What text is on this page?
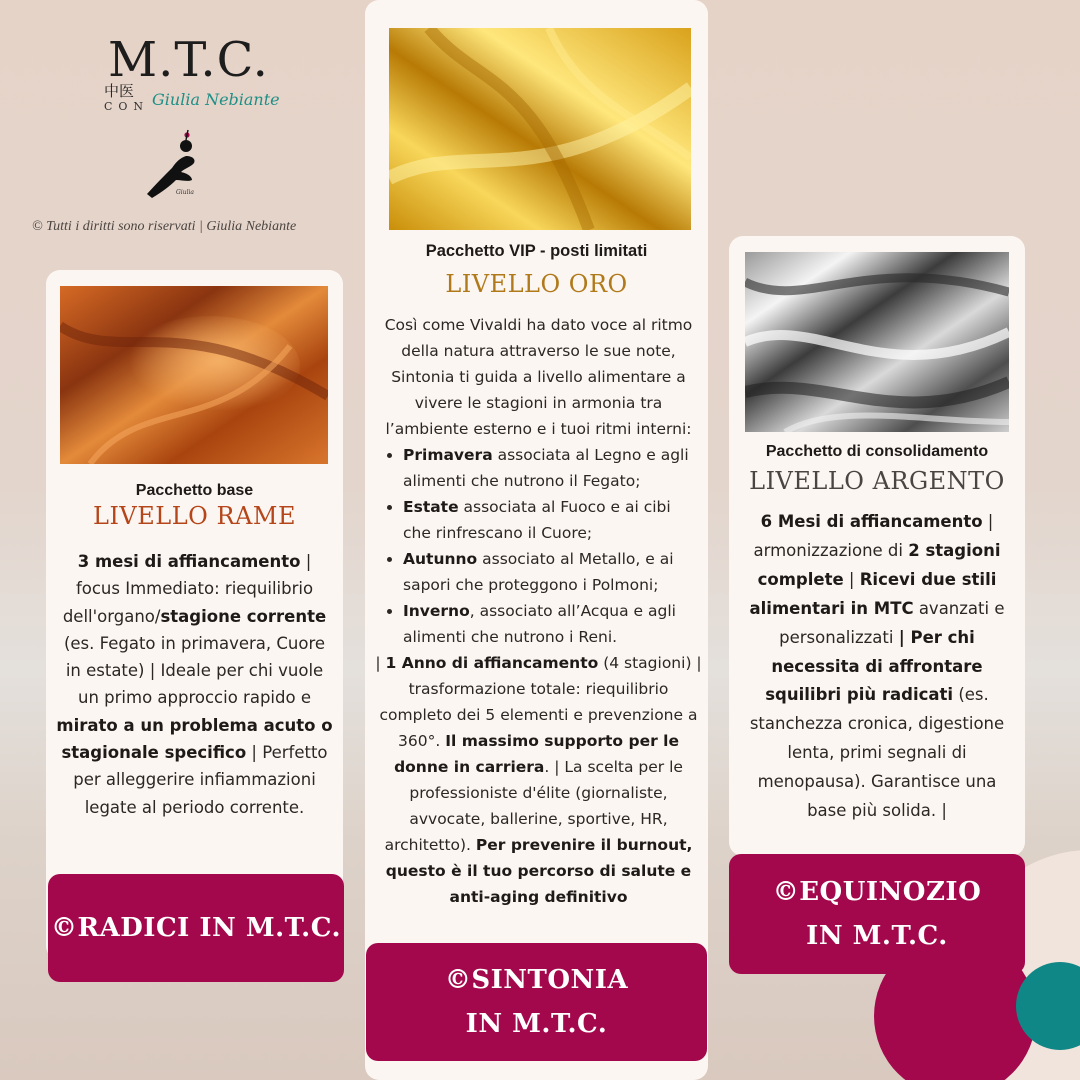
M.T.C.
中医
CON Giulia Nebiante
Giulia
© Tutti i diritti sono riservati | Giulia Nebiante
Pacchetto base
LIVELLO RAME
3 mesi di affiancamento | focus Immediato: riequilibrio dell'organo/stagione corrente (es. Fegato in primavera, Cuore in estate) | Ideale per chi vuole un primo approccio rapido e mirato a un problema acuto o stagionale specifico | Perfetto per alleggerire infiammazioni legate al periodo corrente.
©RADICI IN M.T.C.
Pacchetto VIP - posti limitati
LIVELLO ORO
Così come Vivaldi ha dato voce al ritmo della natura attraverso le sue note, Sintonia ti guida a livello alimentare a vivere le stagioni in armonia tra l’ambiente esterno e i tuoi ritmi interni:
• Primavera associata al Legno e agli alimenti che nutrono il Fegato;
• Estate associata al Fuoco e ai cibi che rinfrescano il Cuore;
• Autunno associato al Metallo, e ai sapori che proteggono i Polmoni;
• Inverno, associato all’Acqua e agli alimenti che nutrono i Reni.
| 1 Anno di affiancamento (4 stagioni) | trasformazione totale: riequilibrio completo dei 5 elementi e prevenzione a 360°. Il massimo supporto per le donne in carriera. | La scelta per le professioniste d'élite (giornaliste, avvocate, ballerine, sportive, HR, architetto). Per prevenire il burnout, questo è il tuo percorso di salute e anti-aging definitivo
©SINTONIA
IN M.T.C.
Pacchetto di consolidamento
LIVELLO ARGENTO
6 Mesi di affiancamento | armonizzazione di 2 stagioni complete | Ricevi due stili alimentari in MTC avanzati e personalizzati | Per chi necessita di affrontare squilibri più radicati (es. stanchezza cronica, digestione lenta, primi segnali di menopausa). Garantisce una base più solida. |
©EQUINOZIO
IN M.T.C.
